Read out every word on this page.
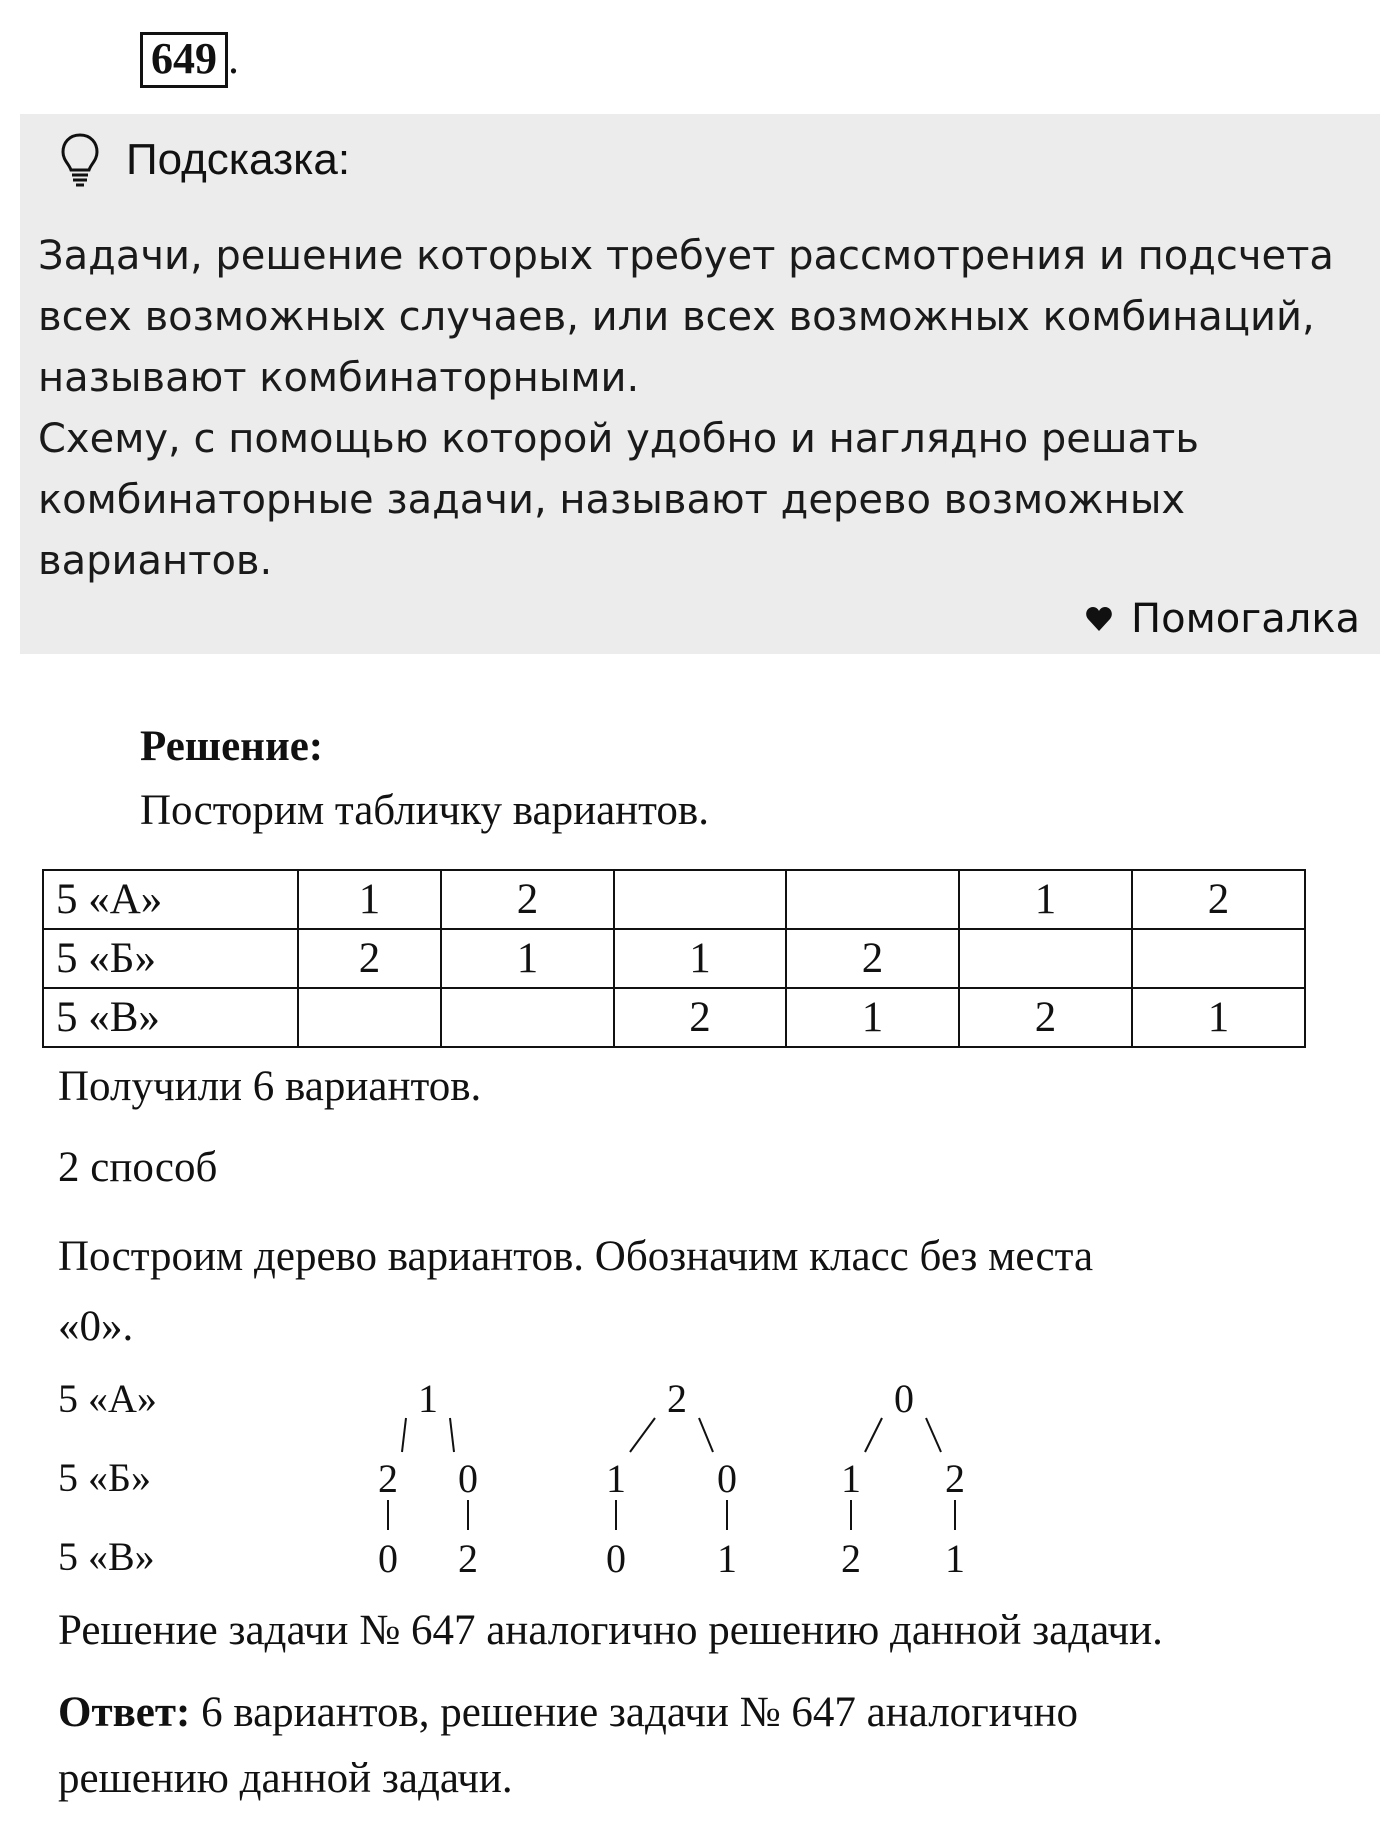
649 .
Подсказка:

Задачи, решение которых требует рассмотрения и подсчета всех возможных случаев, или всех возможных комбинаций, называют комбинаторными.

Схему, с помощью которой удобно и наглядно решать комбинаторные задачи, называют дерево возможных вариантов.

Помогалка
Решение:
Посторим табличку вариантов.
5 «А»	1	2			1	2
5 «Б»	2	1	1	2		
5 «В»			2	1	2	1
Получили 6 вариантов.
2 способ
Построим дерево вариантов. Обозначим класс без места
«0».
5 «А»
5 «Б»
5 «В»
1
2
0
0
2
2
1
0
0
1
0
1
2
2
1
Решение задачи № 647 аналогично решению данной задачи.
Ответ: 6 вариантов, решение задачи № 647 аналогично
решению данной задачи.
